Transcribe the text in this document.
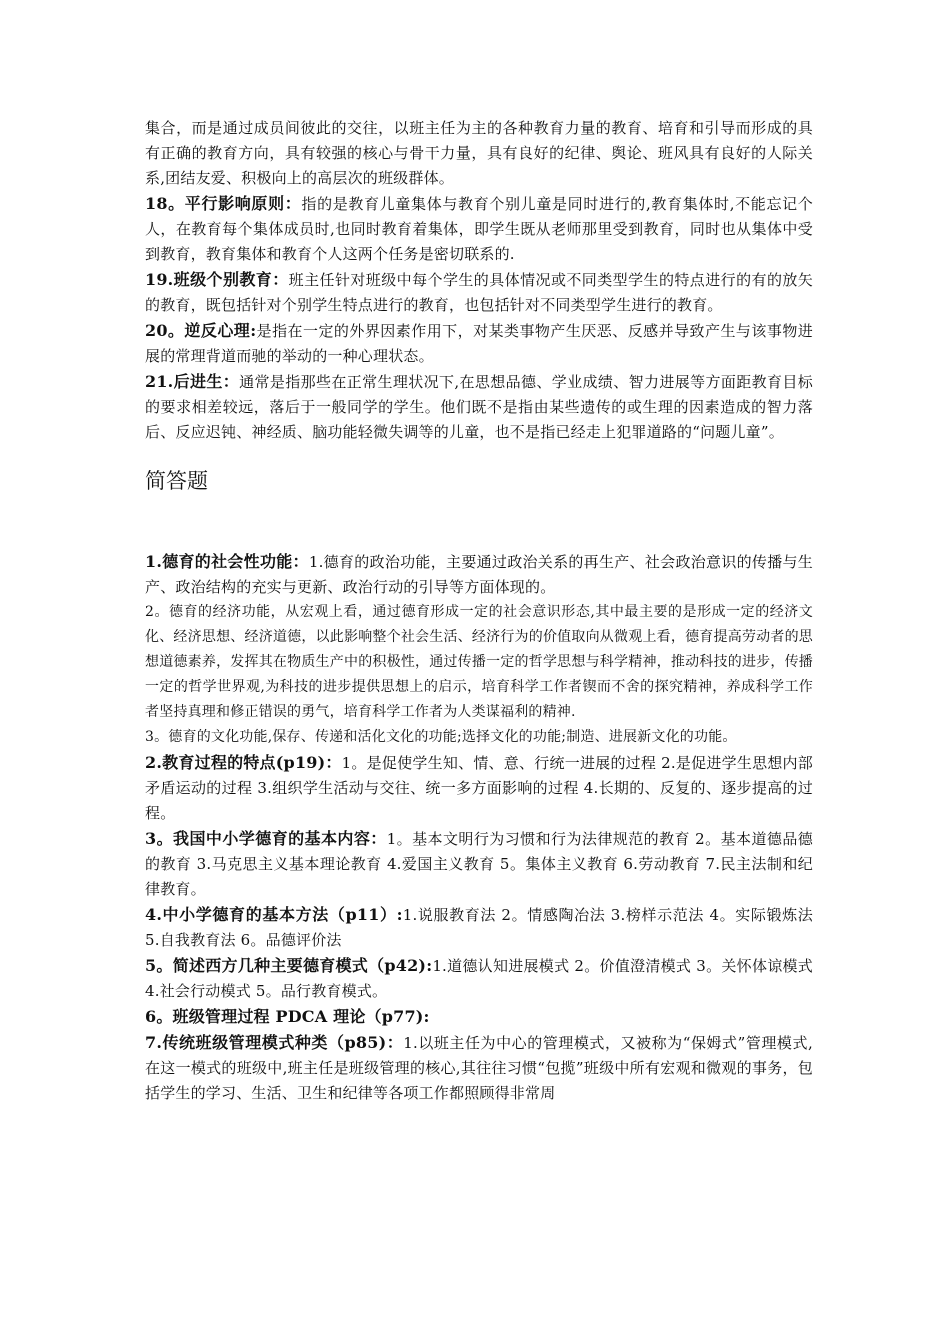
集合，而是通过成员间彼此的交往，以班主任为主的各种教育力量的教育、培育和引导而形成的具有正确的教育方向，具有较强的核心与骨干力量，具有良好的纪律、舆论、班风具有良好的人际关系,团结友爱、积极向上的高层次的班级群体。

18。平行影响原则：指的是教育儿童集体与教育个别儿童是同时进行的,教育集体时,不能忘记个人，在教育每个集体成员时,也同时教育着集体，即学生既从老师那里受到教育，同时也从集体中受到教育，教育集体和教育个人这两个任务是密切联系的.

19.班级个别教育：班主任针对班级中每个学生的具体情况或不同类型学生的特点进行的有的放矢的教育，既包括针对个别学生特点进行的教育，也包括针对不同类型学生进行的教育。

20。逆反心理:是指在一定的外界因素作用下，对某类事物产生厌恶、反感并导致产生与该事物进展的常理背道而驰的举动的一种心理状态。

21.后进生：通常是指那些在正常生理状况下,在思想品德、学业成绩、智力进展等方面距教育目标的要求相差较远，落后于一般同学的学生。他们既不是指由某些遗传的或生理的因素造成的智力落后、反应迟钝、神经质、脑功能轻微失调等的儿童，也不是指已经走上犯罪道路的“问题儿童”。

简答题

1.德育的社会性功能：1.德育的政治功能，主要通过政治关系的再生产、社会政治意识的传播与生产、政治结构的充实与更新、政治行动的引导等方面体现的。

2。德育的经济功能，从宏观上看，通过德育形成一定的社会意识形态,其中最主要的是形成一定的经济文化、经济思想、经济道德，以此影响整个社会生活、经济行为的价值取向从微观上看，德育提高劳动者的思想道德素养，发挥其在物质生产中的积极性，通过传播一定的哲学思想与科学精神，推动科技的进步，传播一定的哲学世界观,为科技的进步提供思想上的启示，培育科学工作者锲而不舍的探究精神，养成科学工作者坚持真理和修正错误的勇气，培育科学工作者为人类谋福利的精神.

3。德育的文化功能,保存、传递和活化文化的功能;选择文化的功能;制造、进展新文化的功能。

2.教育过程的特点(p19)：1。是促使学生知、情、意、行统一进展的过程 2.是促进学生思想内部矛盾运动的过程 3.组织学生活动与交往、统一多方面影响的过程 4.长期的、反复的、逐步提高的过程。

3。我国中小学德育的基本内容：1。基本文明行为习惯和行为法律规范的教育 2。基本道德品德的教育 3.马克思主义基本理论教育 4.爱国主义教育 5。集体主义教育 6.劳动教育 7.民主法制和纪律教育。

4.中小学德育的基本方法（p11）:1.说服教育法 2。情感陶冶法 3.榜样示范法 4。实际锻炼法 5.自我教育法 6。品德评价法

5。简述西方几种主要德育模式（p42):1.道德认知进展模式 2。价值澄清模式 3。关怀体谅模式 4.社会行动模式 5。品行教育模式。

6。班级管理过程 PDCA 理论（p77):

7.传统班级管理模式种类（p85)：1.以班主任为中心的管理模式，又被称为“保姆式”管理模式,在这一模式的班级中,班主任是班级管理的核心,其往往习惯“包揽”班级中所有宏观和微观的事务，包括学生的学习、生活、卫生和纪律等各项工作都照顾得非常周
